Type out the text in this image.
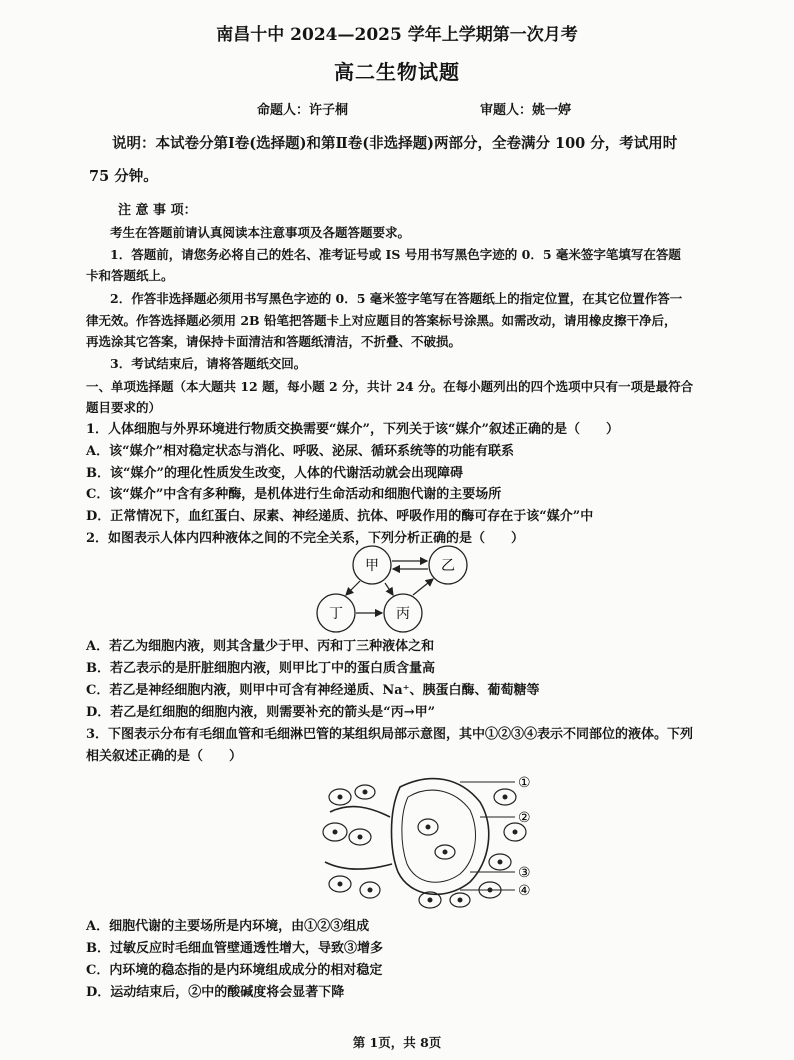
南昌十中 2024—2025 学年上学期第一次月考
高二生物试题
命题人：许子桐	审题人：姚一婷
说明：本试卷分第Ⅰ卷(选择题)和第Ⅱ卷(非选择题)两部分，全卷满分 100 分，考试用时
75 分钟。
注 意 事 项：
考生在答题前请认真阅读本注意事项及各题答题要求。
1．答题前，请您务必将自己的姓名、准考证号或 IS 号用书写黑色字迹的 0．5 毫米签字笔填写在答题
卡和答题纸上。
2．作答非选择题必须用书写黑色字迹的 0．5 毫米签字笔写在答题纸上的指定位置，在其它位置作答一
律无效。作答选择题必须用 2B 铅笔把答题卡上对应题目的答案标号涂黑。如需改动，请用橡皮擦干净后，
再选涂其它答案，请保持卡面清洁和答题纸清洁，不折叠、不破损。
3．考试结束后，请将答题纸交回。
一、单项选择题（本大题共 12 题，每小题 2 分，共计 24 分。在每小题列出的四个选项中只有一项是最符合
题目要求的）
1．人体细胞与外界环境进行物质交换需要“媒介”，下列关于该“媒介”叙述正确的是（　　）
A．该“媒介”相对稳定状态与消化、呼吸、泌尿、循环系统等的功能有联系
B．该“媒介”的理化性质发生改变，人体的代谢活动就会出现障碍
C．该“媒介”中含有多种酶，是机体进行生命活动和细胞代谢的主要场所
D．正常情况下，血红蛋白、尿素、神经递质、抗体、呼吸作用的酶可存在于该“媒介”中
2．如图表示人体内四种液体之间的不完全关系，下列分析正确的是（　　）
甲	乙
丁	丙
A．若乙为细胞内液，则其含量少于甲、丙和丁三种液体之和
B．若乙表示的是肝脏细胞内液，则甲比丁中的蛋白质含量高
C．若乙是神经细胞内液，则甲中可含有神经递质、Na⁺、胰蛋白酶、葡萄糖等
D．若乙是红细胞的细胞内液，则需要补充的箭头是“丙→甲”
3．下图表示分布有毛细血管和毛细淋巴管的某组织局部示意图，其中①②③④表示不同部位的液体。下列
相关叙述正确的是（　　）
①
②
③
④
A．细胞代谢的主要场所是内环境，由①②③组成
B．过敏反应时毛细血管壁通透性增大，导致③增多
C．内环境的稳态指的是内环境组成成分的相对稳定
D．运动结束后，②中的酸碱度将会显著下降
第 1页，共 8页
